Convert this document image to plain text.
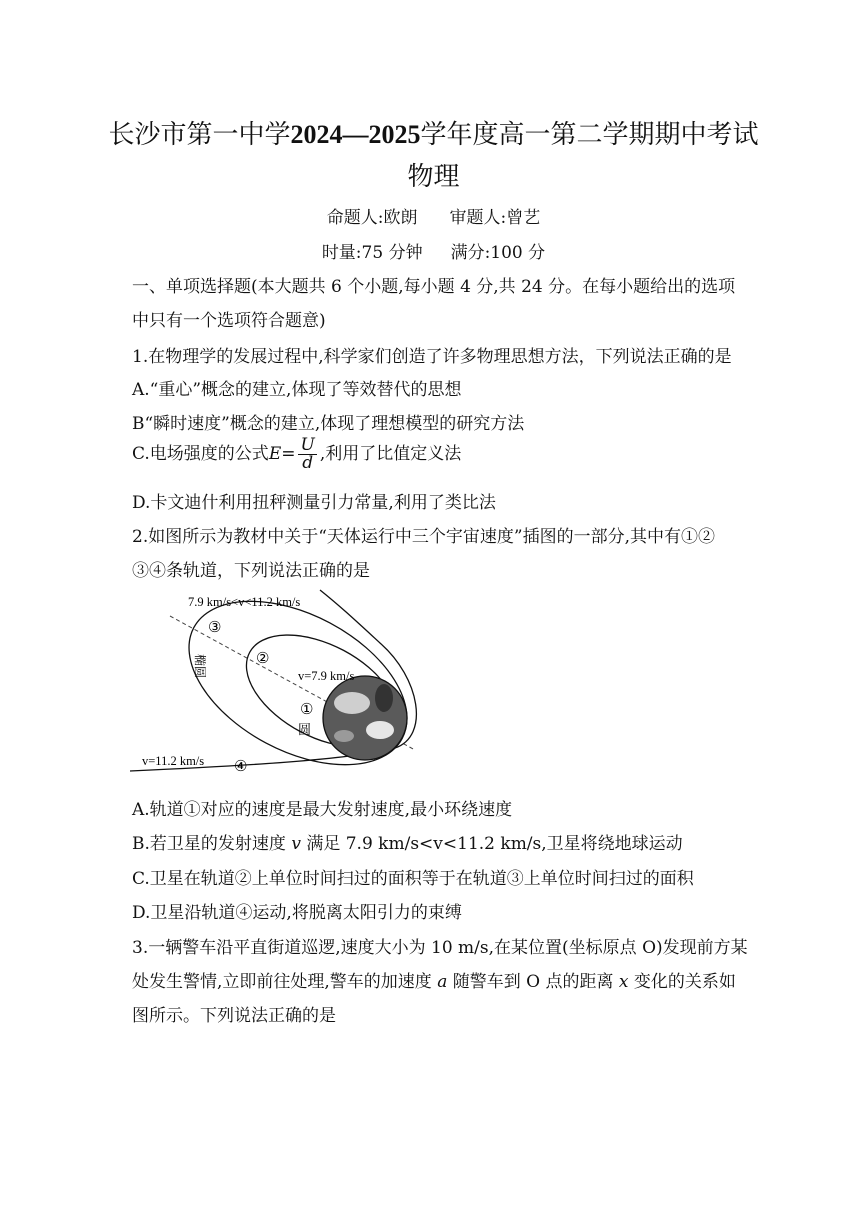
长沙市第一中学2024—2025学年度高一第二学期期中考试
物理
命题人:欧朗 审题人:曾艺
时量:75 分钟 满分:100 分
一、单项选择题(本大题共 6 个小题,每小题 4 分,共 24 分。在每小题给出的选项
中只有一个选项符合题意)
1.在物理学的发展过程中,科学家们创造了许多物理思想方法，下列说法正确的是
A.“重心”概念的建立,体现了等效替代的思想
B“瞬时速度”概念的建立,体现了理想模型的研究方法
C.电场强度的公式$E= \frac{U}{d}$ ,利用了比值定义法
D.卡文迪什利用扭秤测量引力常量,利用了类比法
2.如图所示为教材中关于“天体运行中三个宇宙速度”插图的一部分,其中有①②
③④条轨道，下列说法正确的是
7.9 km/s<v<11.2 km/s
③
②
椭圆	v=7.9 km/s
①
圆
v=11.2 km/s ④
A.轨道①对应的速度是最大发射速度,最小环绕速度
B.若卫星的发射速度 v 满足 7.9 km/s<v<11.2 km/s,卫星将绕地球运动
C.卫星在轨道②上单位时间扫过的面积等于在轨道③上单位时间扫过的面积
D.卫星沿轨道④运动,将脱离太阳引力的束缚
3.一辆警车沿平直街道巡逻,速度大小为 10 m/s,在某位置(坐标原点 O)发现前方某
处发生警情,立即前往处理,警车的加速度 a 随警车到 O 点的距离 x 变化的关系如
图所示。下列说法正确的是
